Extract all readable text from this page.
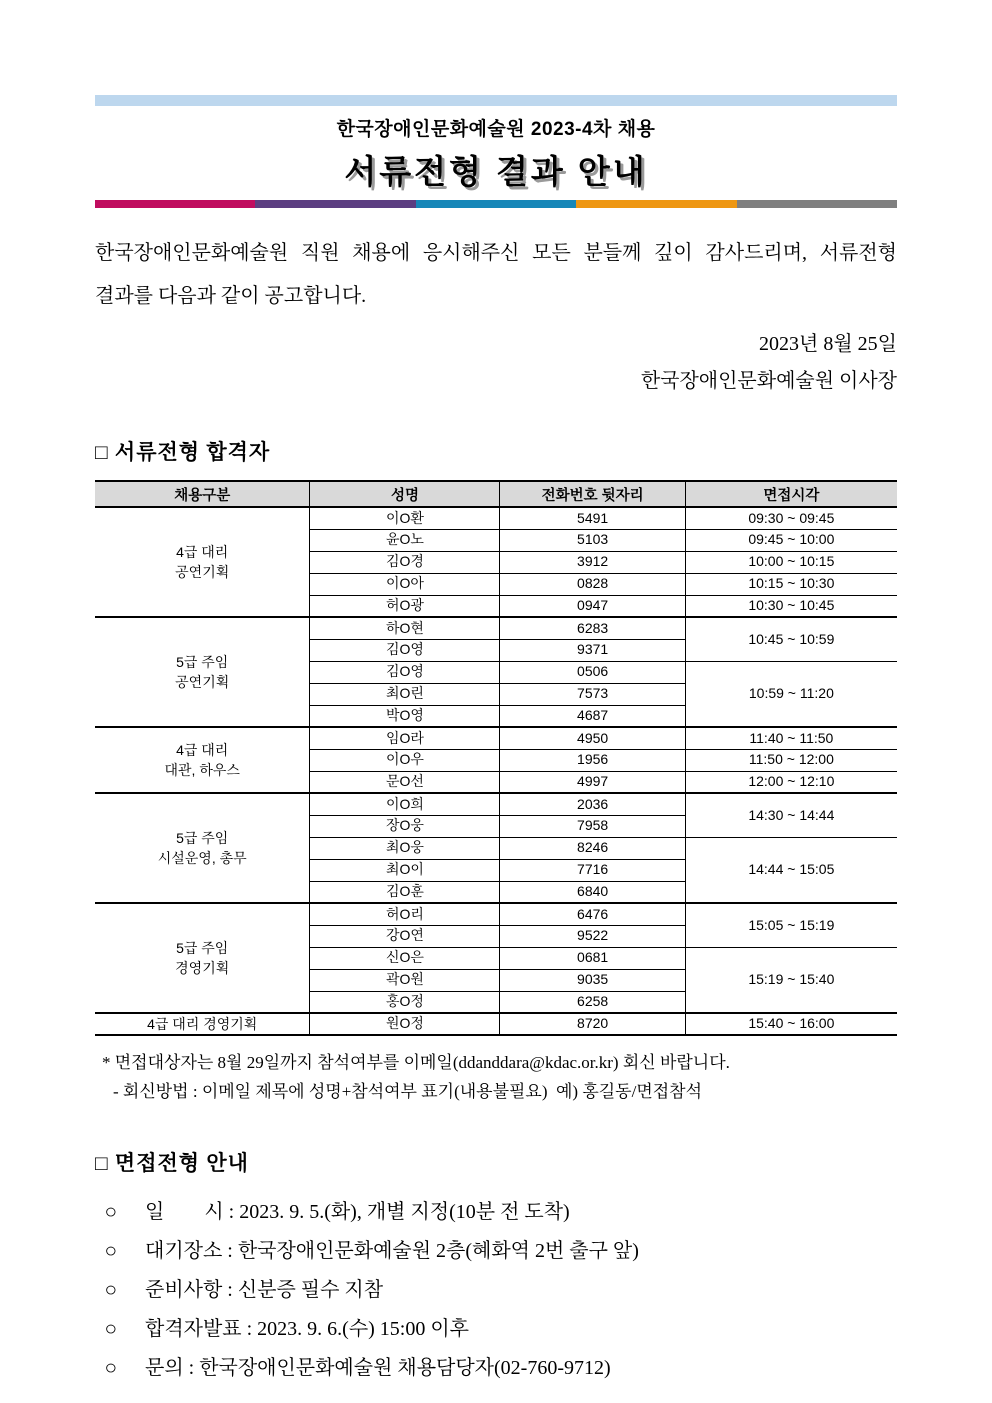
한국장애인문화예술원 2023-4차 채용
서류전형 결과 안내

한국장애인문화예술원 직원 채용에 응시해주신 모든 분들께 깊이 감사드리며, 서류전형 결과를 다음과 같이 공고합니다.

2023년 8월 25일
한국장애인문화예술원 이사장
□ 서류전형 합격자
채용구분	성명	전화번호 뒷자리	면접시각
4급 대리
공연기획	이O환	5491	09:30 ~ 09:45
	윤O노	5103	09:45 ~ 10:00
	김O경	3912	10:00 ~ 10:15
	이O아	0828	10:15 ~ 10:30
	허O광	0947	10:30 ~ 10:45
5급 주임
공연기획	하O현	6283	10:45 ~ 10:59
	김O영	9371	
	김O영	0506	10:59 ~ 11:20
	최O린	7573	
	박O영	4687	
4급 대리
대관, 하우스	임O라	4950	11:40 ~ 11:50
	이O우	1956	11:50 ~ 12:00
	문O선	4997	12:00 ~ 12:10
5급 주임
시설운영, 총무	이O희	2036	14:30 ~ 14:44
	장O웅	7958	
	최O웅	8246	14:44 ~ 15:05
	최O이	7716	
	김O훈	6840	
5급 주임
경영기획	허O리	6476	15:05 ~ 15:19
	강O연	9522	
	신O은	0681	15:19 ~ 15:40
	곽O원	9035	
	홍O정	6258	
4급 대리 경영기획	원O정	8720	15:40 ~ 16:00
* 면접대상자는 8월 29일까지 참석여부를 이메일(ddanddara@kdac.or.kr) 회신 바랍니다.
- 회신방법 : 이메일 제목에 성명+참석여부 표기(내용불필요)  예) 홍길동/면접참석
□ 면접전형 안내
○	일        시 : 2023. 9. 5.(화), 개별 지정(10분 전 도착)
○	대기장소 : 한국장애인문화예술원 2층(혜화역 2번 출구 앞)
○	준비사항 : 신분증 필수 지참
○	합격자발표 : 2023. 9. 6.(수) 15:00 이후
○	문의 : 한국장애인문화예술원 채용담당자(02-760-9712)
